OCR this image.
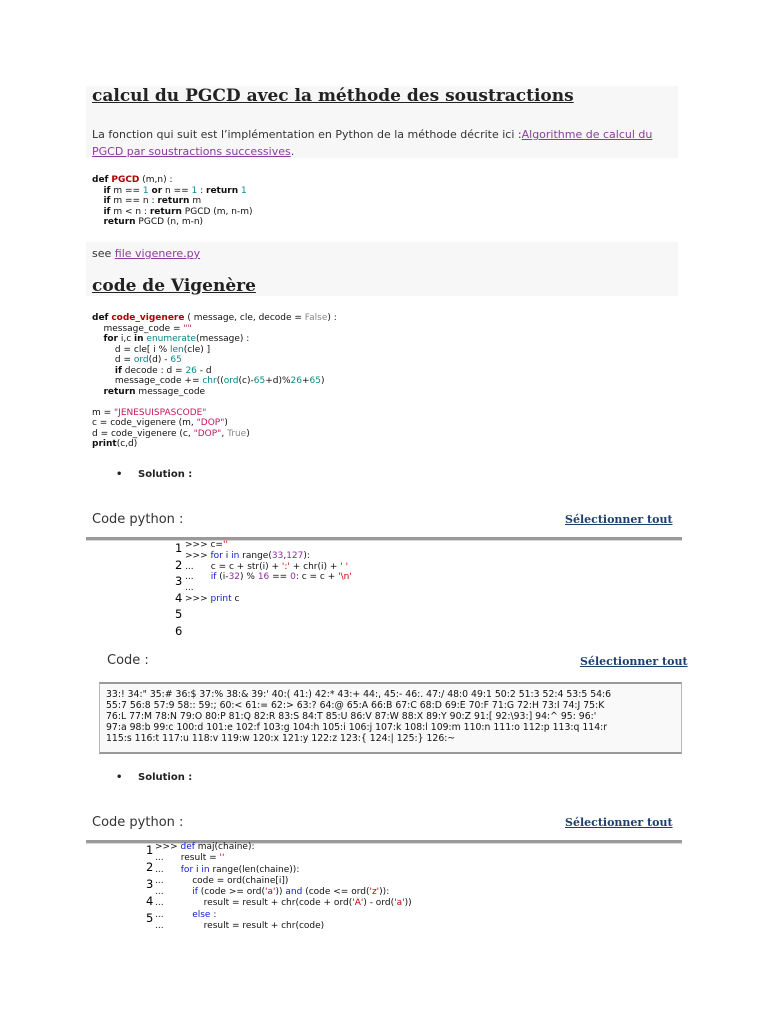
calcul du PGCD avec la méthode des soustractions
La fonction qui suit est l’implémentation en Python de la méthode décrite ici :Algorithme de calcul du PGCD par soustractions successives.
def PGCD (m,n) :
if m == 1 or n == 1 : return 1
if m == n : return m
if m < n : return PGCD (m, n-m)
return PGCD (n, m-n)
see file vigenere.py
code de Vigenère
def code_vigenere ( message, cle, decode = False) :
message_code = ""
for i,c in enumerate(message) :
d = cle[ i % len(cle) ]
d = ord(d) - 65
if decode : d = 26 - d
message_code += chr((ord(c)-65+d)%26+65)
return message_code

m = "JENESUISPASCODE"
c = code_vigenere (m, "DOP")
d = code_vigenere (c, "DOP", True)
print(c,d)
• Solution :
Code python :	Sélectionner tout
1
2
3
4
5
6
>>> c=''
>>> for i in range(33,127):
... c = c + str(i) + ':' + chr(i) + ' '
... if (i-32) % 16 == 0: c = c + '\n'
...
>>> print c
Code :	Sélectionner tout
33:! 34:" 35:# 36:$ 37:% 38:& 39:' 40:( 41:) 42:* 43:+ 44:, 45:- 46:. 47:/ 48:0 49:1 50:2 51:3 52:4 53:5 54:6
55:7 56:8 57:9 58:: 59:; 60:< 61:= 62:> 63:? 64:@ 65:A 66:B 67:C 68:D 69:E 70:F 71:G 72:H 73:I 74:J 75:K
76:L 77:M 78:N 79:O 80:P 81:Q 82:R 83:S 84:T 85:U 86:V 87:W 88:X 89:Y 90:Z 91:[ 92:\93:] 94:^ 95: 96:'
97:a 98:b 99:c 100:d 101:e 102:f 103:g 104:h 105:i 106:j 107:k 108:l 109:m 110:n 111:o 112:p 113:q 114:r
115:s 116:t 117:u 118:v 119:w 120:x 121:y 122:z 123:{ 124:| 125:} 126:~
• Solution :
Code python :	Sélectionner tout
1
2
3
4
5
>>> def maj(chaine):
... result = ''
... for i in range(len(chaine)):
...	code = ord(chaine[i])
...	if (code >= ord('a')) and (code <= ord('z')):
...	result = result + chr(code + ord('A') - ord('a'))
...	else :
...	result = result + chr(code)
